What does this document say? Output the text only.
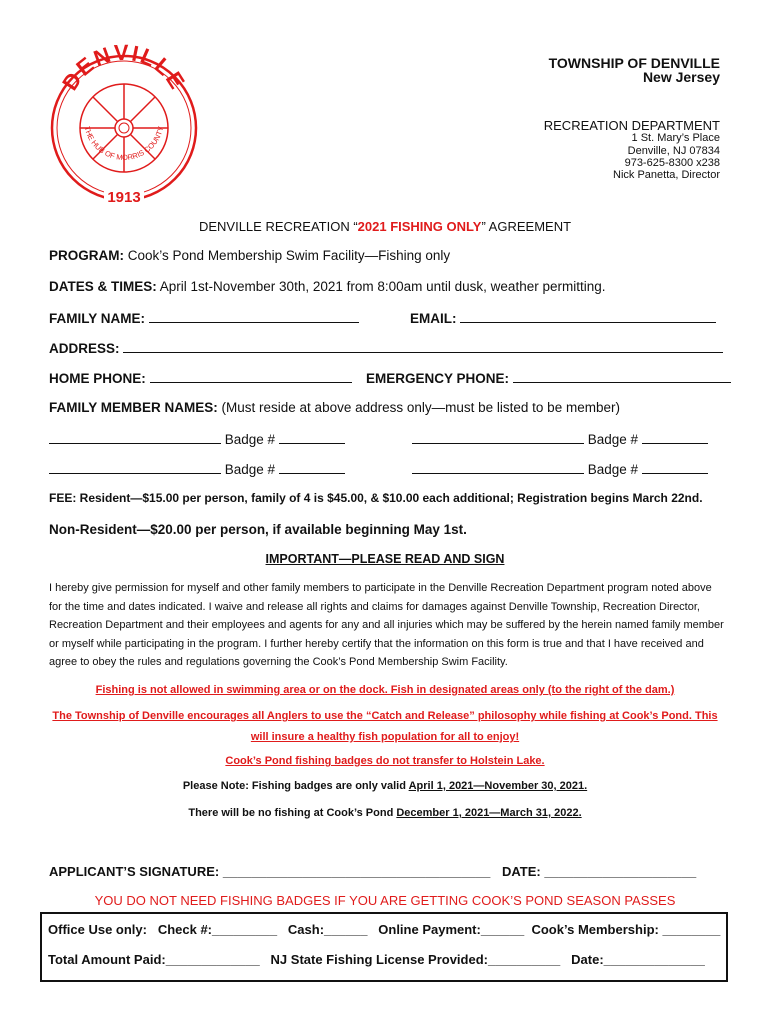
DENVILLE
THE HUB OF MORRIS COUNTY
1913
TOWNSHIP OF DENVILLE
New Jersey
RECREATION DEPARTMENT
1 St. Mary’s Place
Denville, NJ 07834
973-625-8300 x238
Nick Panetta, Director
DENVILLE RECREATION “2021 FISHING ONLY” AGREEMENT
PROGRAM: Cook’s Pond Membership Swim Facility—Fishing only
DATES & TIMES: April 1st-November 30th, 2021 from 8:00am until dusk, weather permitting.
FAMILY NAME:	EMAIL:
ADDRESS:
HOME PHONE:	EMERGENCY PHONE:
FAMILY MEMBER NAMES: (Must reside at above address only—must be listed to be member)
Badge #	Badge #
Badge #	Badge #
FEE: Resident—$15.00 per person, family of 4 is $45.00, & $10.00 each additional; Registration begins March 22nd.
Non-Resident—$20.00 per person, if available beginning May 1st.
IMPORTANT—PLEASE READ AND SIGN
I hereby give permission for myself and other family members to participate in the Denville Recreation Department program noted above for the time and dates indicated. I waive and release all rights and claims for damages against Denville Township, Recreation Director, Recreation Department and their employees and agents for any and all injuries which may be suffered by the herein named family member or myself while participating in the program. I further hereby certify that the information on this form is true and that I have received and agree to obey the rules and regulations governing the Cook’s Pond Membership Swim Facility.
Fishing is not allowed in swimming area or on the dock. Fish in designated areas only (to the right of the dam.)
The Township of Denville encourages all Anglers to use the “Catch and Release” philosophy while fishing at Cook’s Pond. This will insure a healthy fish population for all to enjoy!
Cook’s Pond fishing badges do not transfer to Holstein Lake.
Please Note: Fishing badges are only valid April 1, 2021—November 30, 2021.
There will be no fishing at Cook’s Pond December 1, 2021—March 31, 2022.
APPLICANT’S SIGNATURE: _____________________________________ DATE: _____________________
YOU DO NOT NEED FISHING BADGES IF YOU ARE GETTING COOK’S POND SEASON PASSES
Office Use only: Check #:_________ Cash:______ Online Payment:______ Cook’s Membership: ________
Total Amount Paid:_____________ NJ State Fishing License Provided:__________ Date:______________
